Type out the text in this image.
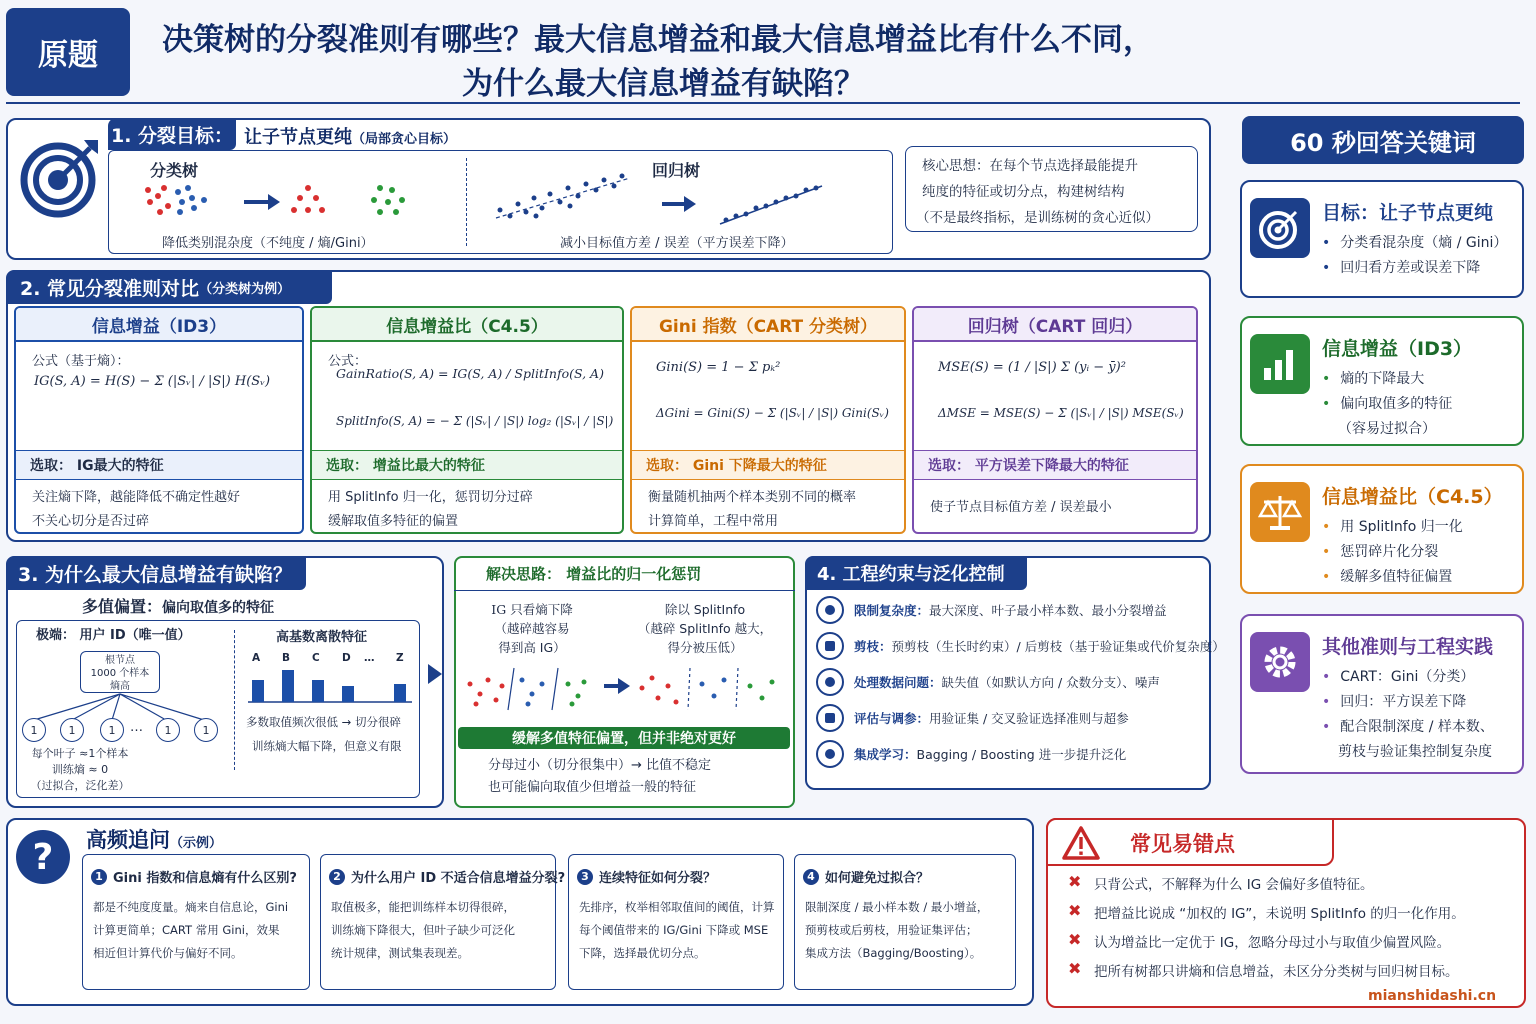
原题 决策树的分裂准则有哪些？最大信息增益和最大信息增益比有什么不同，
为什么最大信息增益有缺陷？
1. 分裂目标： 让子节点更纯（局部贪心目标）
分类树	回归树
降低类别混杂度（不纯度 / 熵/Gini）	减小目标值方差 / 误差（平方误差下降）
核心思想：在每个节点选择最能提升
纯度的特征或切分点，构建树结构
（不是最终指标，是训练树的贪心近似）
2. 常见分裂准则对比 （分类树为例）
信息增益（ID3）
公式（基于熵）：
IG(S, A) = H(S) − Σ (|Sᵥ| / |S|) H(Sᵥ)
选取： IG最大的特征
关注熵下降，越能降低不确定性越好
不关心切分是否过碎
信息增益比（C4.5）
公式：
GainRatio(S, A) = IG(S, A) / SplitInfo(S, A)
SplitInfo(S, A) = − Σ (|Sᵥ| / |S|) log₂ (|Sᵥ| / |S|)
选取： 增益比最大的特征
用 SplitInfo 归一化，惩罚切分过碎
缓解取值多特征的偏置
Gini 指数（CART 分类树）
Gini(S) = 1 − Σ pₖ²
ΔGini = Gini(S) − Σ (|Sᵥ| / |S|) Gini(Sᵥ)
选取： Gini 下降最大的特征
衡量随机抽两个样本类别不同的概率
计算简单，工程中常用
回归树（CART 回归）
MSE(S) = (1 / |S|) Σ (yᵢ − ȳ)²
ΔMSE = MSE(S) − Σ (|Sᵥ| / |S|) MSE(Sᵥ)
选取： 平方误差下降最大的特征
使子节点目标值方差 / 误差最小
3. 为什么最大信息增益有缺陷？
多值偏置：偏向取值多的特征
极端： 用户 ID（唯一值）
根节点
1000 个样本
熵高
1	1	1	1	1
…
每个叶子 ≈1个样本
训练熵 ≈ 0
（过拟合，泛化差）
高基数离散特征
A B C D … Z
多数取值频次很低 → 切分很碎
训练熵大幅下降，但意义有限
解决思路： 增益比的归一化惩罚
IG 只看熵下降
（越碎越容易
得到高 IG）
除以 SplitInfo
（越碎 SplitInfo 越大，
得分被压低）
缓解多值特征偏置，但并非绝对更好
分母过小（切分很集中）→ 比值不稳定
也可能偏向取值少但增益一般的特征
4. 工程约束与泛化控制
限制复杂度：最大深度、叶子最小样本数、最小分裂增益
剪枝：预剪枝（生长时约束）/ 后剪枝（基于验证集或代价复杂度）
处理数据问题：缺失值（如默认方向 / 众数分支）、噪声
评估与调参：用验证集 / 交叉验证选择准则与超参
集成学习：Bagging / Boosting 进一步提升泛化
60 秒回答关键词
目标：让子节点更纯
• 分类看混杂度（熵 / Gini）
• 回归看方差或误差下降
信息增益（ID3）
• 熵的下降最大
• 偏向取值多的特征
（容易过拟合）
信息增益比（C4.5）
• 用 SplitInfo 归一化
• 惩罚碎片化分裂
• 缓解多值特征偏置
其他准则与工程实践
• CART：Gini（分类）
• 回归：平方误差下降
• 配合限制深度 / 样本数、
剪枝与验证集控制复杂度
?	高频追问（示例）
1 Gini 指数和信息熵有什么区别?
都是不纯度度量。熵来自信息论，Gini
计算更简单；CART 常用 Gini，效果
相近但计算代价与偏好不同。
2 为什么用户 ID 不适合信息增益分裂?
取值极多，能把训练样本切得很碎，
训练熵下降很大，但叶子缺少可泛化
统计规律，测试集表现差。
3 连续特征如何分裂？
先排序，枚举相邻取值间的阈值，计算
每个阈值带来的 IG/Gini 下降或 MSE
下降，选择最优切分点。
4 如何避免过拟合？
限制深度 / 最小样本数 / 最小增益，
预剪枝或后剪枝，用验证集评估；
集成方法（Bagging/Boosting）。
常见易错点
✖ 只背公式，不解释为什么 IG 会偏好多值特征。
✖ 把增益比说成 “加权的 IG”，未说明 SplitInfo 的归一化作用。
✖ 认为增益比一定优于 IG，忽略分母过小与取值少偏置风险。
✖ 把所有树都只讲熵和信息增益，未区分分类树与回归树目标。
mianshidashi.cn
